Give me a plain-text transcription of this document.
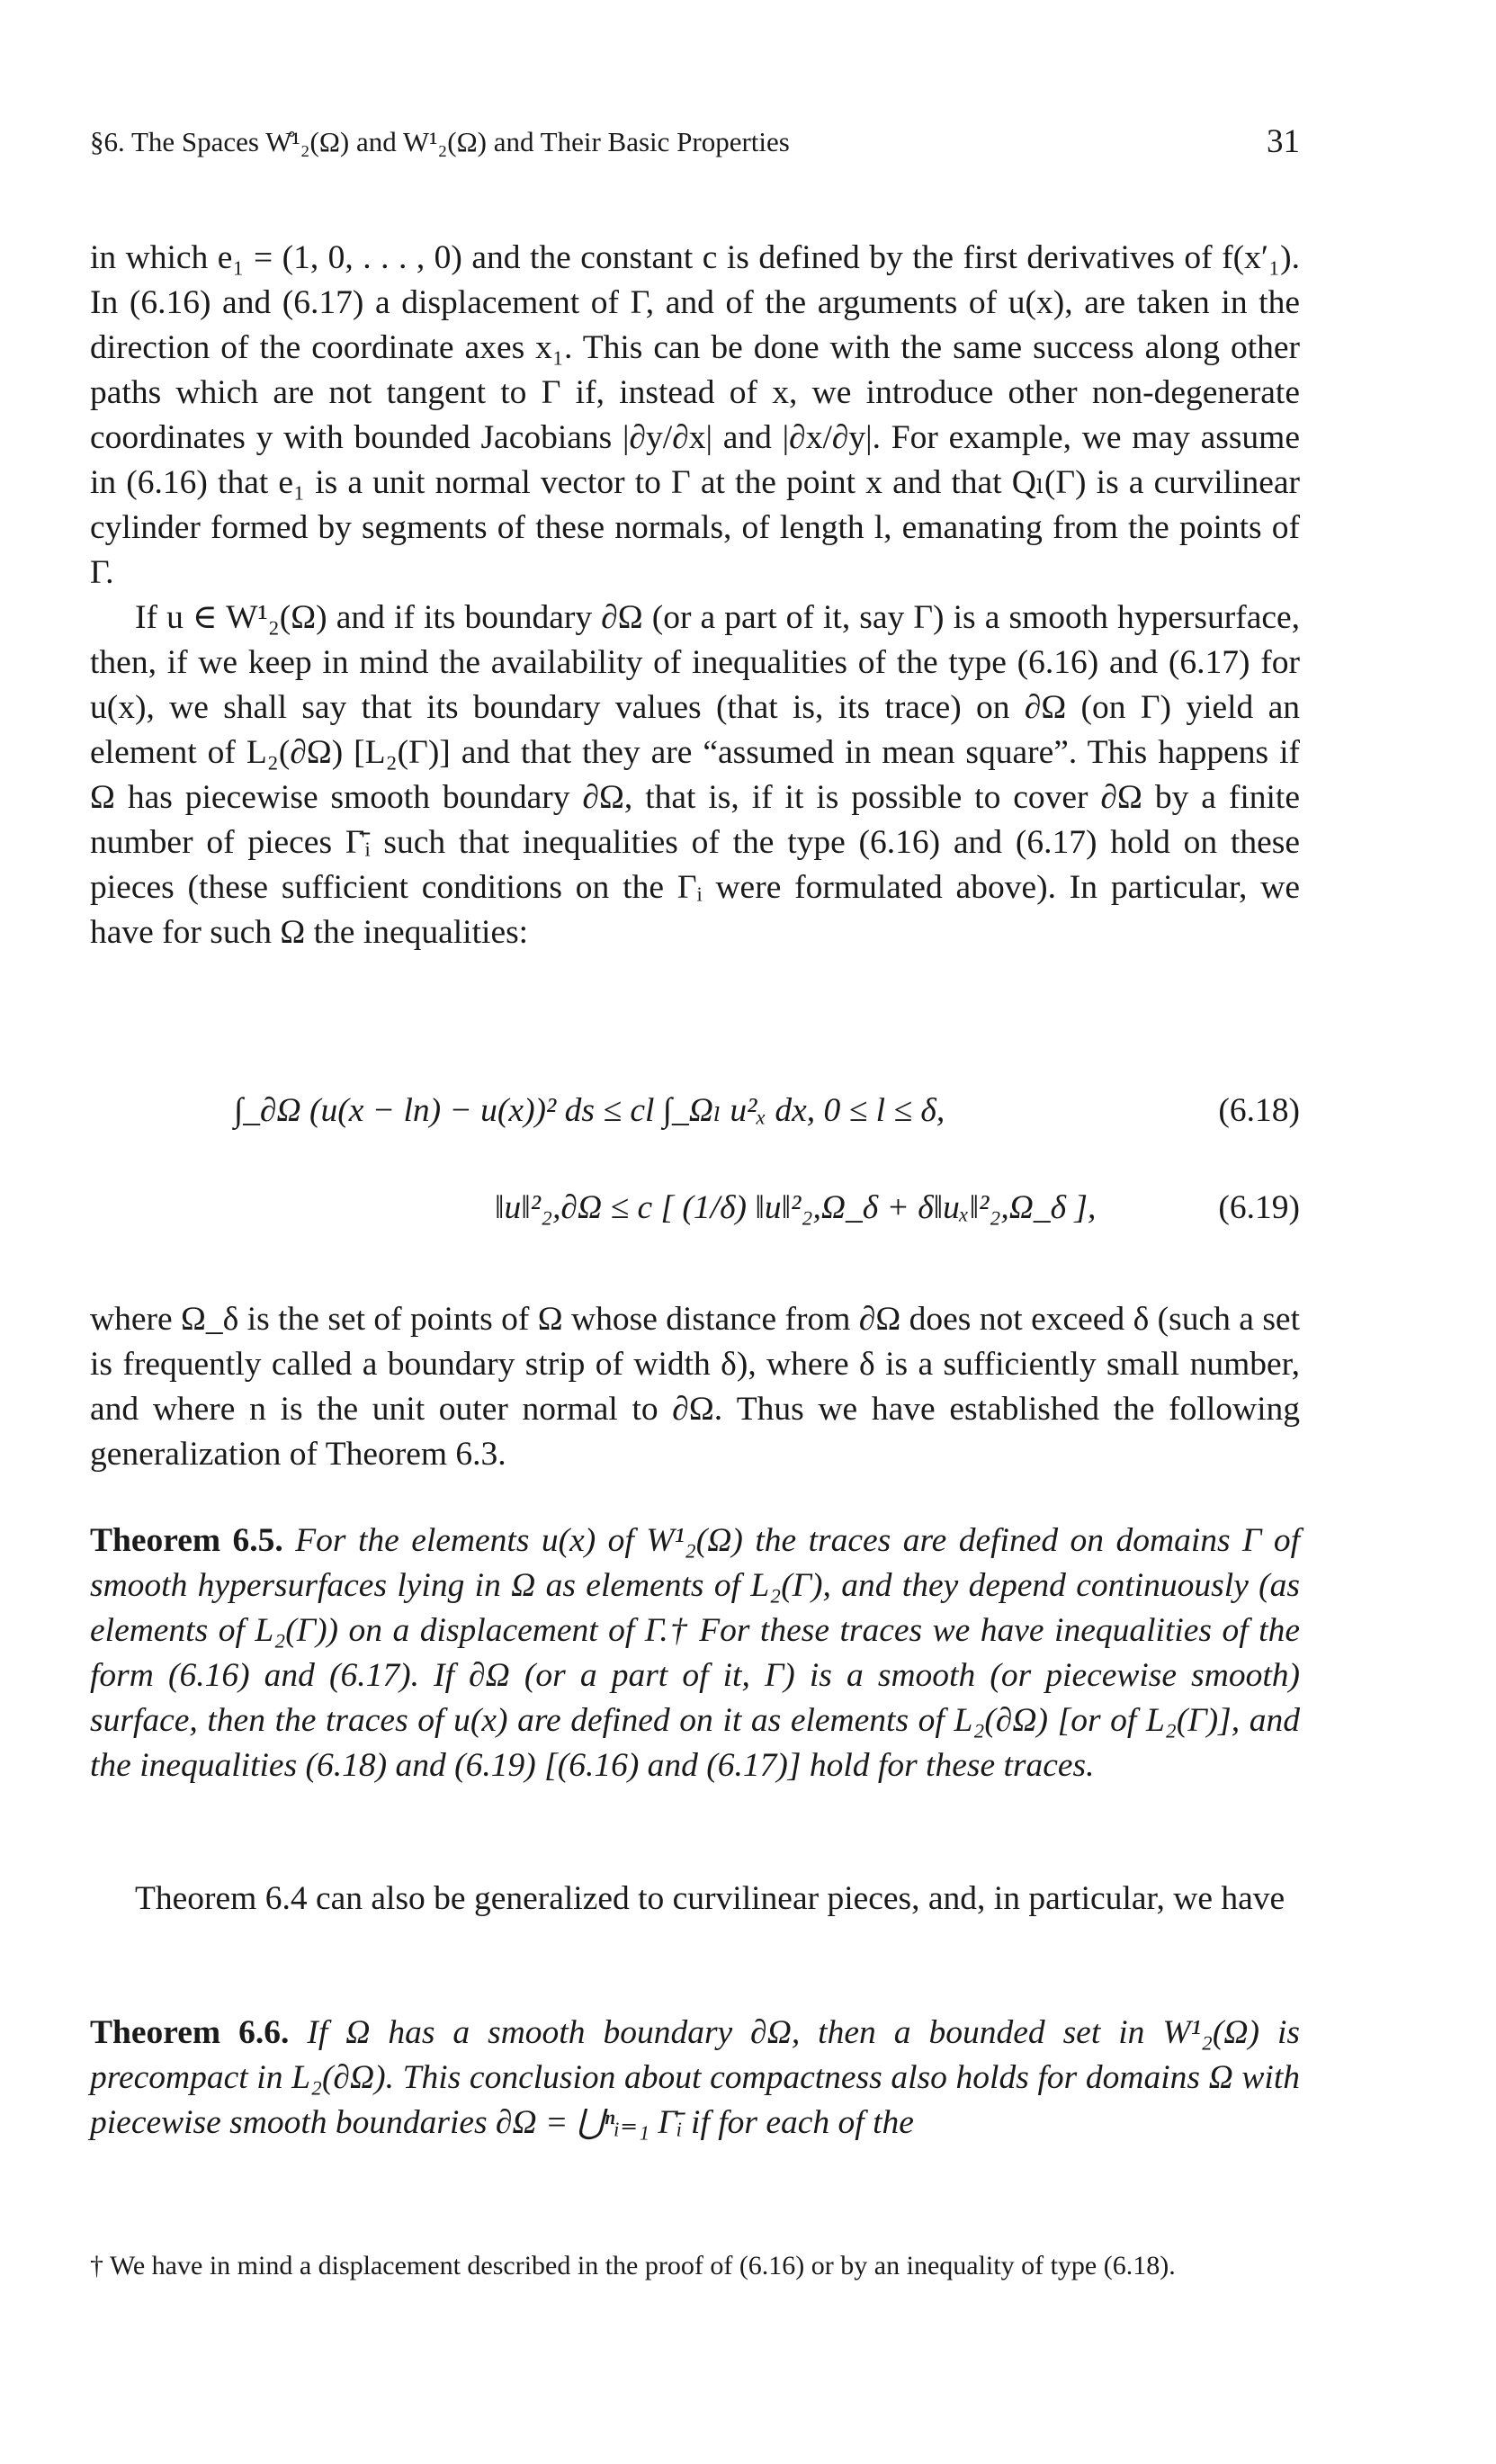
§6. The Spaces W̊¹₂(Ω) and W¹₂(Ω) and Their Basic Properties	31

in which e₁ = (1, 0, . . . , 0) and the constant c is defined by the first derivatives of f(x′₁). In (6.16) and (6.17) a displacement of Γ, and of the arguments of u(x), are taken in the direction of the coordinate axes x₁. This can be done with the same success along other paths which are not tangent to Γ if, instead of x, we introduce other non-degenerate coordinates y with bounded Jacobians |∂y/∂x| and |∂x/∂y|. For example, we may assume in (6.16) that e₁ is a unit normal vector to Γ at the point x and that Qₗ(Γ) is a curvilinear cylinder formed by segments of these normals, of length l, emanating from the points of Γ.

If u ∈ W¹₂(Ω) and if its boundary ∂Ω (or a part of it, say Γ) is a smooth hypersurface, then, if we keep in mind the availability of inequalities of the type (6.16) and (6.17) for u(x), we shall say that its boundary values (that is, its trace) on ∂Ω (on Γ) yield an element of L₂(∂Ω) [L₂(Γ)] and that they are “assumed in mean square”. This happens if Ω has piecewise smooth boundary ∂Ω, that is, if it is possible to cover ∂Ω by a finite number of pieces Γ̄ᵢ such that inequalities of the type (6.16) and (6.17) hold on these pieces (these sufficient conditions on the Γᵢ were formulated above). In particular, we have for such Ω the inequalities:

∫_∂Ω (u(x − ln) − u(x))² ds ≤ cl ∫_Ωₗ u²ₓ dx, 0 ≤ l ≤ δ,	(6.18)
‖u‖²₂,∂Ω ≤ c [ (1/δ) ‖u‖²₂,Ω_δ + δ‖uₓ‖²₂,Ω_δ ],	(6.19)

where Ω_δ is the set of points of Ω whose distance from ∂Ω does not exceed δ (such a set is frequently called a boundary strip of width δ), where δ is a sufficiently small number, and where n is the unit outer normal to ∂Ω. Thus we have established the following generalization of Theorem 6.3.

Theorem 6.5. For the elements u(x) of W¹₂(Ω) the traces are defined on domains Γ of smooth hypersurfaces lying in Ω as elements of L₂(Γ), and they depend continuously (as elements of L₂(Γ)) on a displacement of Γ.† For these traces we have inequalities of the form (6.16) and (6.17). If ∂Ω (or a part of it, Γ) is a smooth (or piecewise smooth) surface, then the traces of u(x) are defined on it as elements of L₂(∂Ω) [or of L₂(Γ)], and the inequalities (6.18) and (6.19) [(6.16) and (6.17)] hold for these traces.

Theorem 6.4 can also be generalized to curvilinear pieces, and, in particular, we have

Theorem 6.6. If Ω has a smooth boundary ∂Ω, then a bounded set in W¹₂(Ω) is precompact in L₂(∂Ω). This conclusion about compactness also holds for domains Ω with piecewise smooth boundaries ∂Ω = ⋃ⁿᵢ₌₁ Γ̄ᵢ if for each of the
† We have in mind a displacement described in the proof of (6.16) or by an inequality of type (6.18).
